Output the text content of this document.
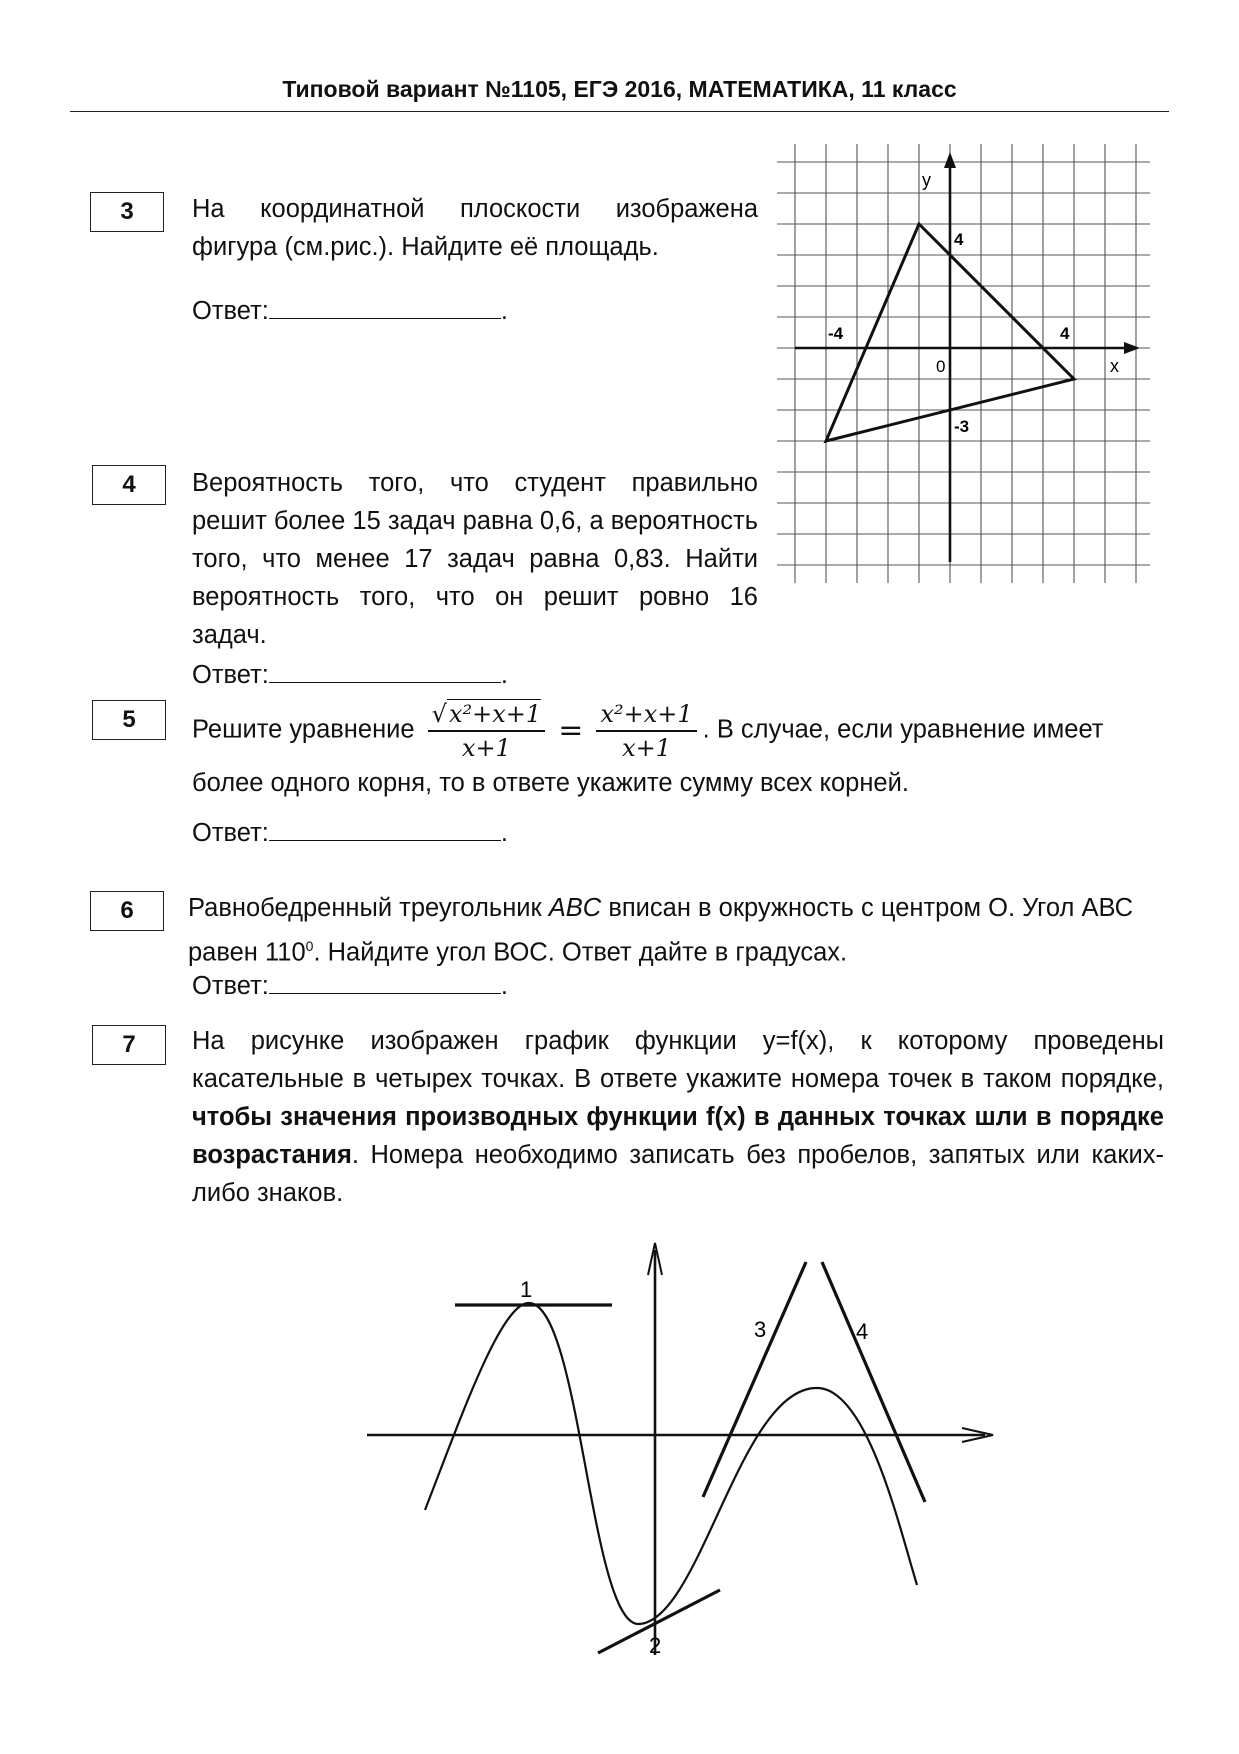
Типовой вариант №1105, ЕГЭ 2016, МАТЕМАТИКА, 11 класс
3	На координатной плоскости изображена фигура (см.рис.). Найдите её площадь.
Ответ:	.
y
x
0
-4	4
4
-3
4	Вероятность того, что студент правильно решит более 15 задач равна 0,6, а вероятность того, что менее 17 задач равна 0,83. Найти вероятность того, что он решит ровно 16 задач.
Ответ:	.
5	Решите уравнение $\frac{\text{√x²+x+1}}{x+1} = \frac{\text{x²+x+1}}{x+1}$ . В случае, если уравнение имеет более одного корня, то в ответе укажите сумму всех корней.
Ответ:	.
6	Равнобедренный треугольник ABC вписан в окружность с центром О. Угол АВС равен $110^0$. Найдите угол ВОС. Ответ дайте в градусах.
Ответ:	.
7	На рисунке изображен график функции y=f(x), к которому проведены касательные в четырех точках. В ответе укажите номера точек в таком порядке, чтобы значения производных функции f(x) в данных точках шли в порядке возрастания. Номера необходимо записать без пробелов, запятых или каких-либо знаков.
1
2
3	4
